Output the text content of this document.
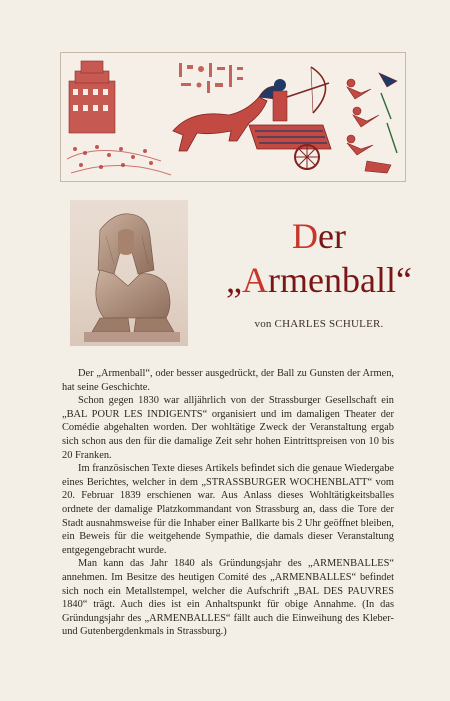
Der
„Armenball“
von CHARLES SCHULER.

Der „Armenball“, oder besser ausgedrückt, der Ball zu Gunsten der Armen, hat seine Geschichte.

Schon gegen 1830 war alljährlich von der Strassburger Gesellschaft ein „BAL POUR LES INDIGENTS“ organisiert und im damaligen Theater der Comédie abgehalten worden. Der wohltätige Zweck der Veranstaltung ergab sich schon aus den für die damalige Zeit sehr hohen Eintrittspreisen von 10 bis 20 Franken.

Im französischen Texte dieses Artikels befindet sich die genaue Wiedergabe eines Berichtes, welcher in dem „STRASSBURGER WOCHENBLATT“ vom 20. Februar 1839 erschienen war. Aus Anlass dieses Wohltätigkeitsballes ordnete der damalige Platzkommandant von Strassburg an, dass die Tore der Stadt ausnahmsweise für die Inhaber einer Ballkarte bis 2 Uhr geöffnet bleiben, ein Beweis für die weitgehende Sympathie, die damals dieser Veranstaltung entgegengebracht wurde.

Man kann das Jahr 1840 als Gründungsjahr des „ARMENBALLES“ annehmen. Im Besitze des heutigen Comité des „ARMENBALLES“ befindet sich noch ein Metallstempel, welcher die Aufschrift „BAL DES PAUVRES 1840“ trägt. Auch dies ist ein Anhaltspunkt für obige Annahme. (In das Gründungsjahr des „ARMENBALLES“ fällt auch die Einweihung des Kleber- und Gutenbergdenkmals in Strassburg.)
